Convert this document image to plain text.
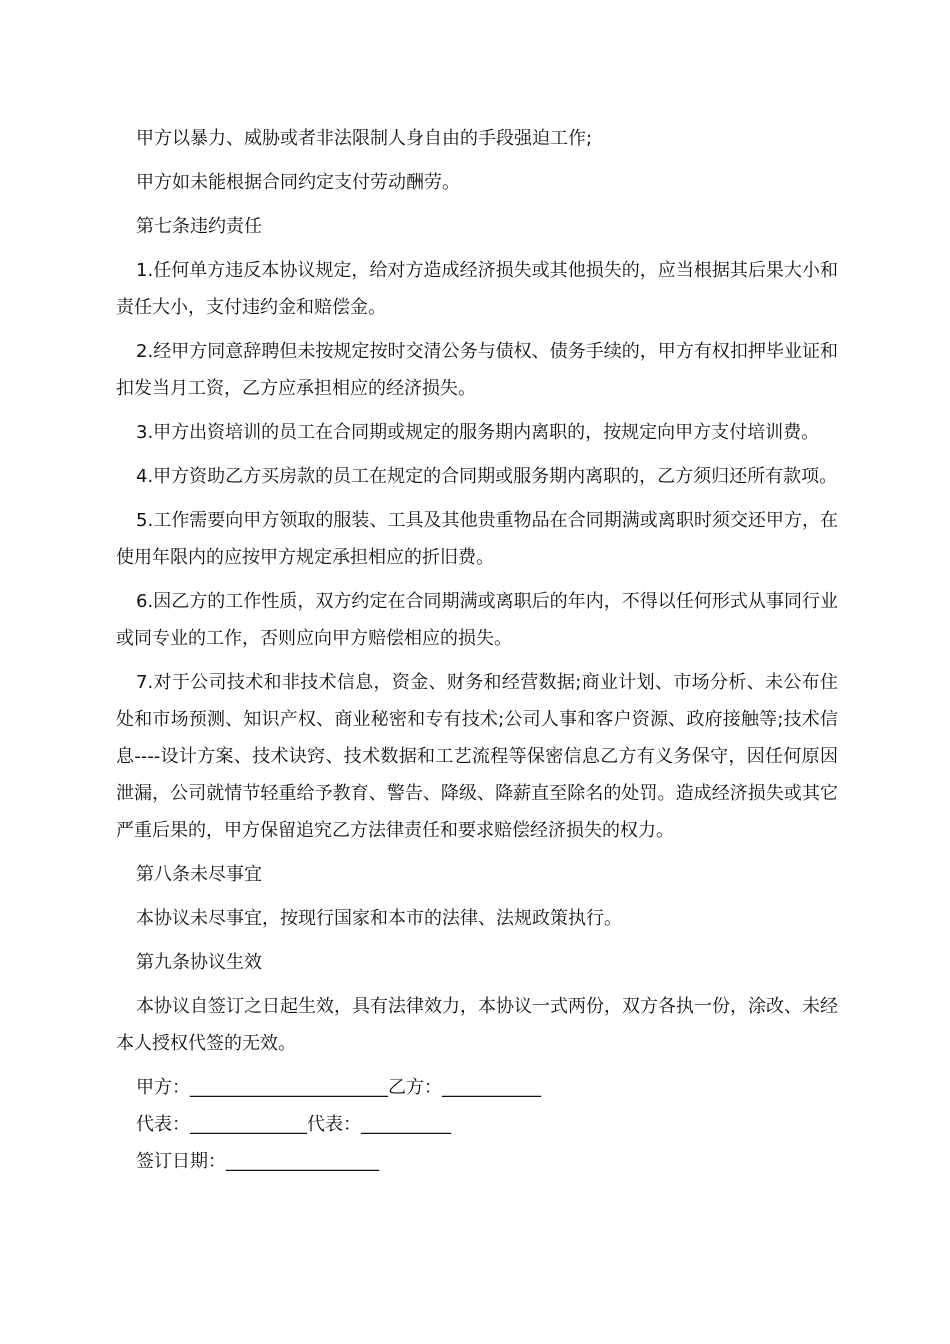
甲方以暴力、威胁或者非法限制人身自由的手段强迫工作;

甲方如未能根据合同约定支付劳动酬劳。

第七条违约责任

1.任何单方违反本协议规定，给对方造成经济损失或其他损失的，应当根据其后果大小和责任大小，支付违约金和赔偿金。

2.经甲方同意辞聘但未按规定按时交清公务与债权、债务手续的，甲方有权扣押毕业证和扣发当月工资，乙方应承担相应的经济损失。

3.甲方出资培训的员工在合同期或规定的服务期内离职的，按规定向甲方支付培训费。

4.甲方资助乙方买房款的员工在规定的合同期或服务期内离职的，乙方须归还所有款项。

5.工作需要向甲方领取的服装、工具及其他贵重物品在合同期满或离职时须交还甲方，在使用年限内的应按甲方规定承担相应的折旧费。

6.因乙方的工作性质，双方约定在合同期满或离职后的年内，不得以任何形式从事同行业或同专业的工作，否则应向甲方赔偿相应的损失。

7.对于公司技术和非技术信息，资金、财务和经营数据;商业计划、市场分析、未公布住处和市场预测、知识产权、商业秘密和专有技术;公司人事和客户资源、政府接触等;技术信息----设计方案、技术诀窍、技术数据和工艺流程等保密信息乙方有义务保守，因任何原因泄漏，公司就情节轻重给予教育、警告、降级、降薪直至除名的处罚。造成经济损失或其它严重后果的，甲方保留追究乙方法律责任和要求赔偿经济损失的权力。

第八条未尽事宜

本协议未尽事宜，按现行国家和本市的法律、法规政策执行。

第九条协议生效

本协议自签订之日起生效，具有法律效力，本协议一式两份，双方各执一份，涂改、未经本人授权代签的无效。

甲方：______________________乙方：___________

代表：_____________代表：__________

签订日期：_________________
